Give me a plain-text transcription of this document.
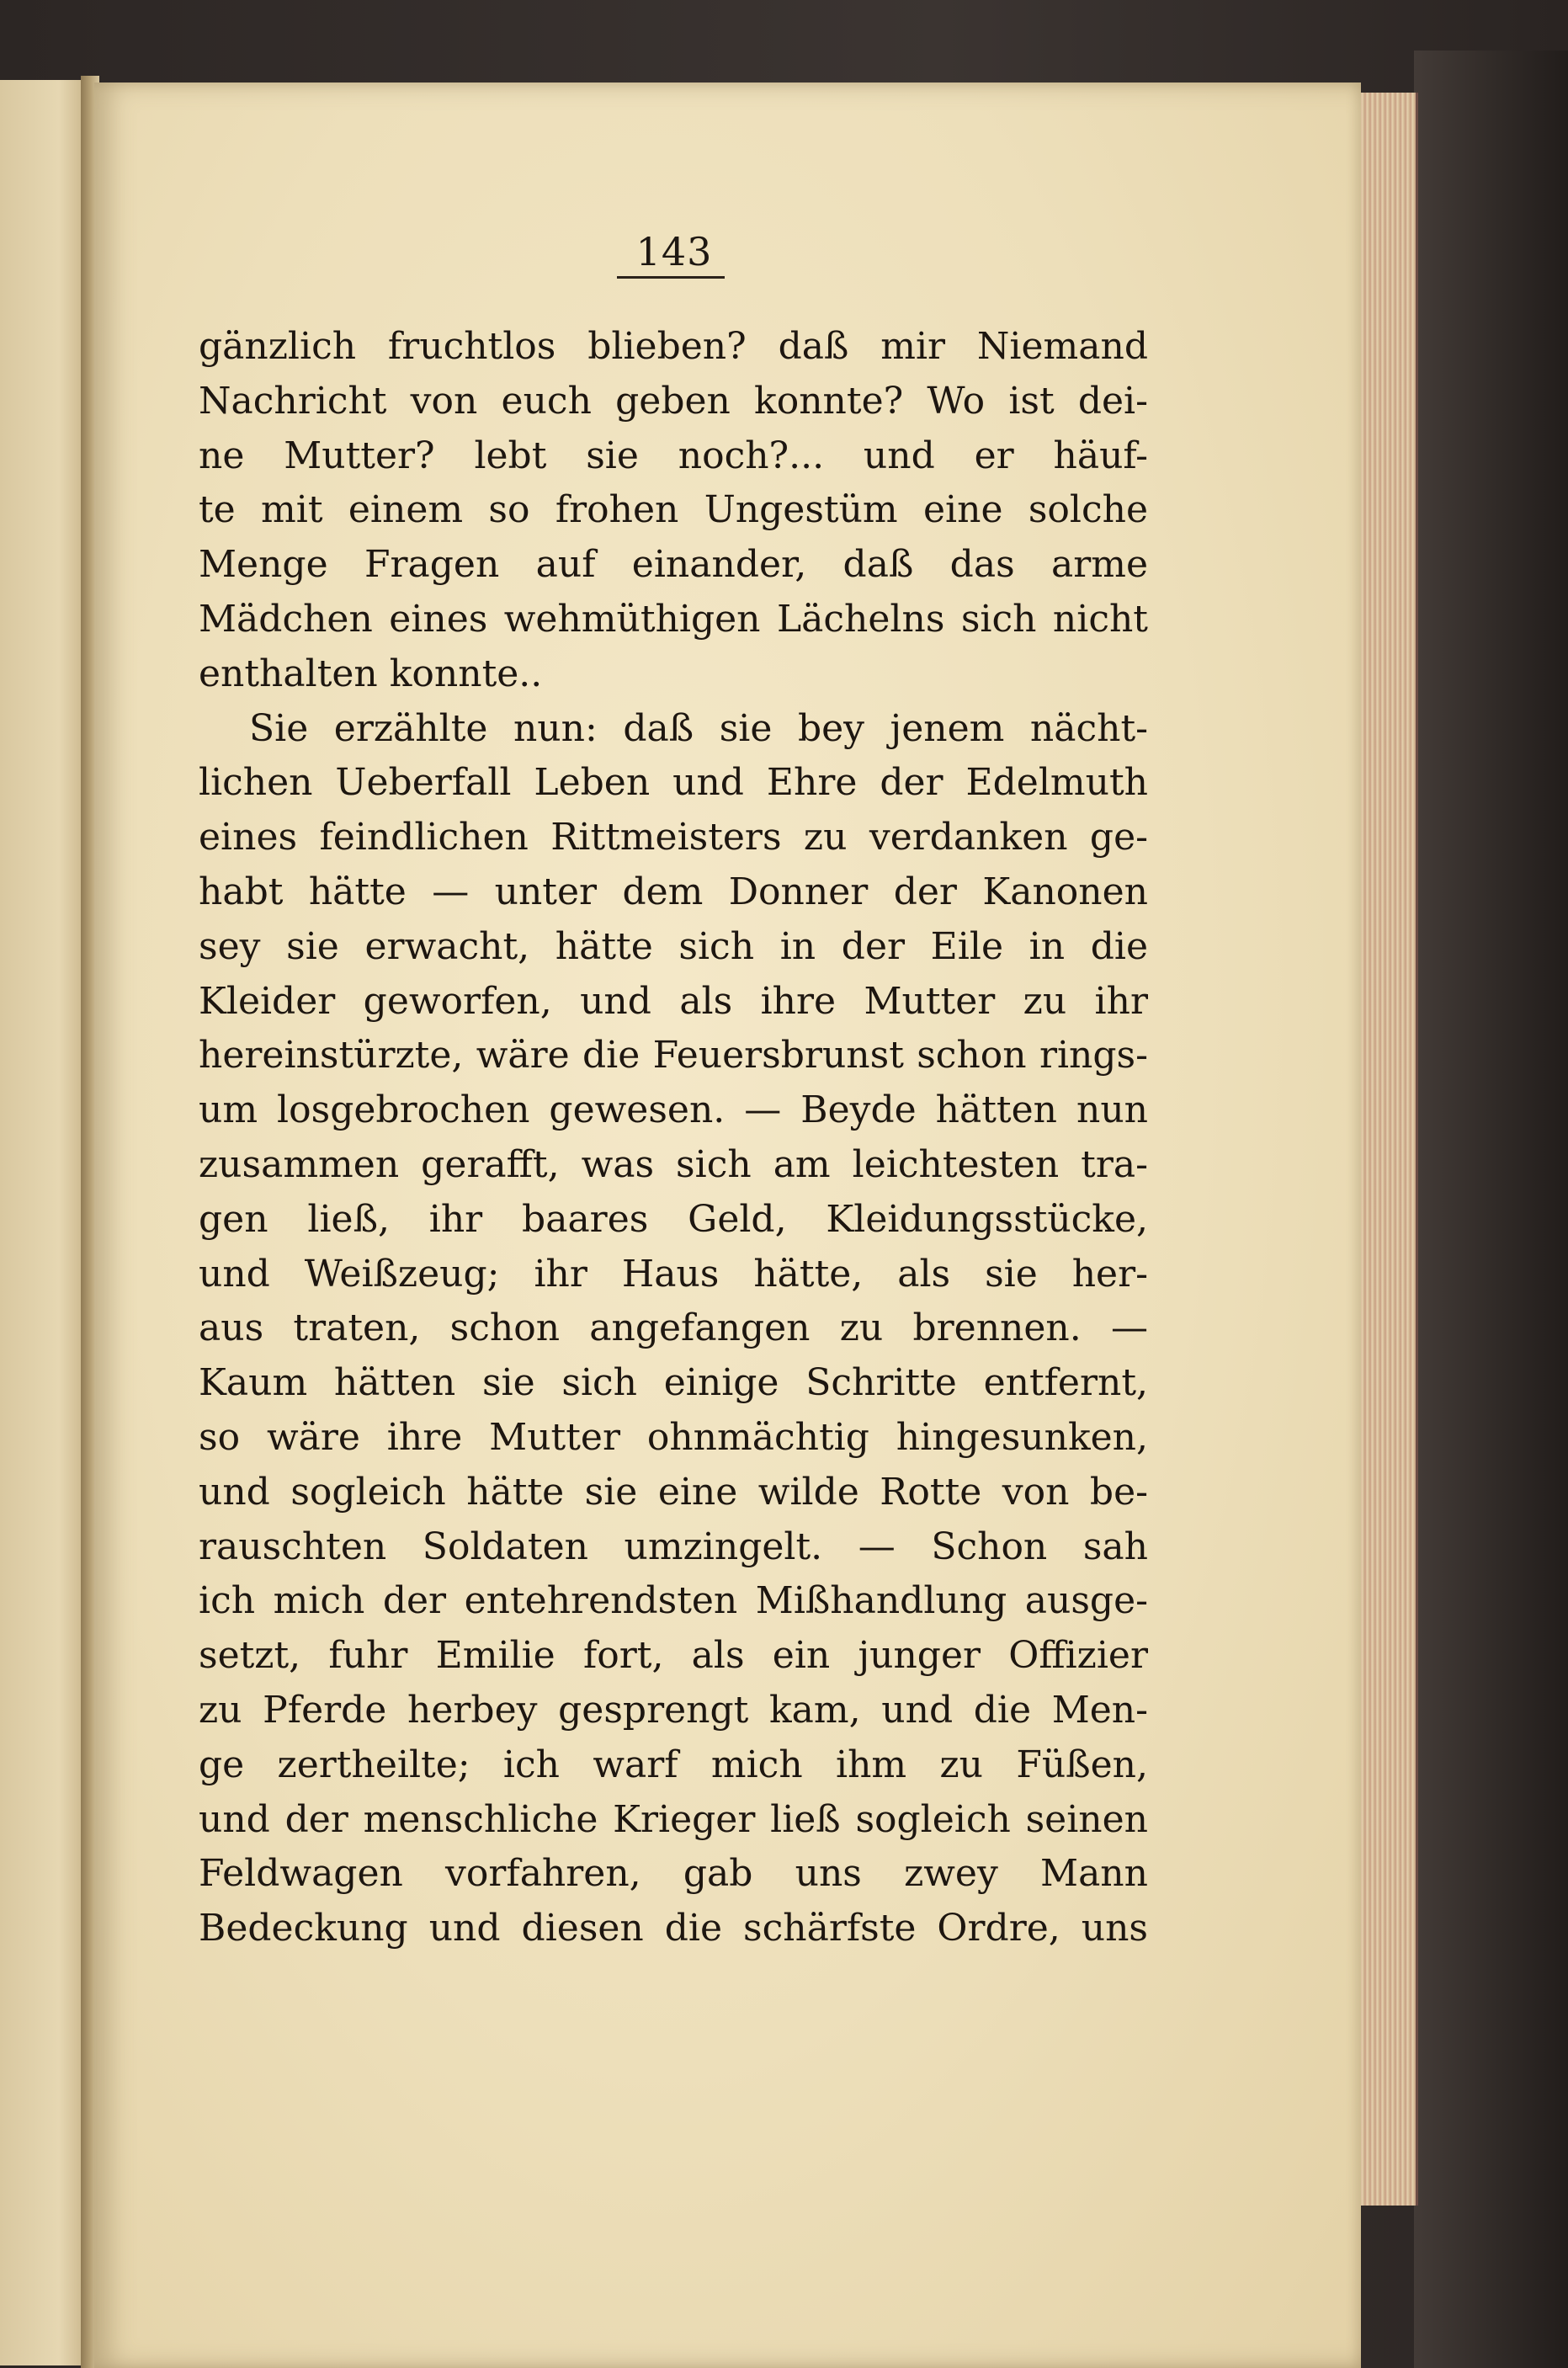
143
gänzlich fruchtlos blieben? daß mir Niemand
Nachricht von euch geben konnte? Wo ist dei-
ne Mutter? lebt sie noch?... und er häuf-
te mit einem so frohen Ungestüm eine solche
Menge Fragen auf einander, daß das arme
Mädchen eines wehmüthigen Lächelns sich nicht
enthalten konnte..
Sie erzählte nun: daß sie bey jenem nächt-
lichen Ueberfall Leben und Ehre der Edelmuth
eines feindlichen Rittmeisters zu verdanken ge-
habt hätte — unter dem Donner der Kanonen
sey sie erwacht, hätte sich in der Eile in die
Kleider geworfen, und als ihre Mutter zu ihr
hereinstürzte, wäre die Feuersbrunst schon rings-
um losgebrochen gewesen. — Beyde hätten nun
zusammen gerafft, was sich am leichtesten tra-
gen ließ, ihr baares Geld, Kleidungsstücke,
und Weißzeug; ihr Haus hätte, als sie her-
aus traten, schon angefangen zu brennen. —
Kaum hätten sie sich einige Schritte entfernt,
so wäre ihre Mutter ohnmächtig hingesunken,
und sogleich hätte sie eine wilde Rotte von be-
rauschten Soldaten umzingelt. — Schon sah
ich mich der entehrendsten Mißhandlung ausge-
setzt, fuhr Emilie fort, als ein junger Offizier
zu Pferde herbey gesprengt kam, und die Men-
ge zertheilte; ich warf mich ihm zu Füßen,
und der menschliche Krieger ließ sogleich seinen
Feldwagen vorfahren, gab uns zwey Mann
Bedeckung und diesen die schärfste Ordre, uns
